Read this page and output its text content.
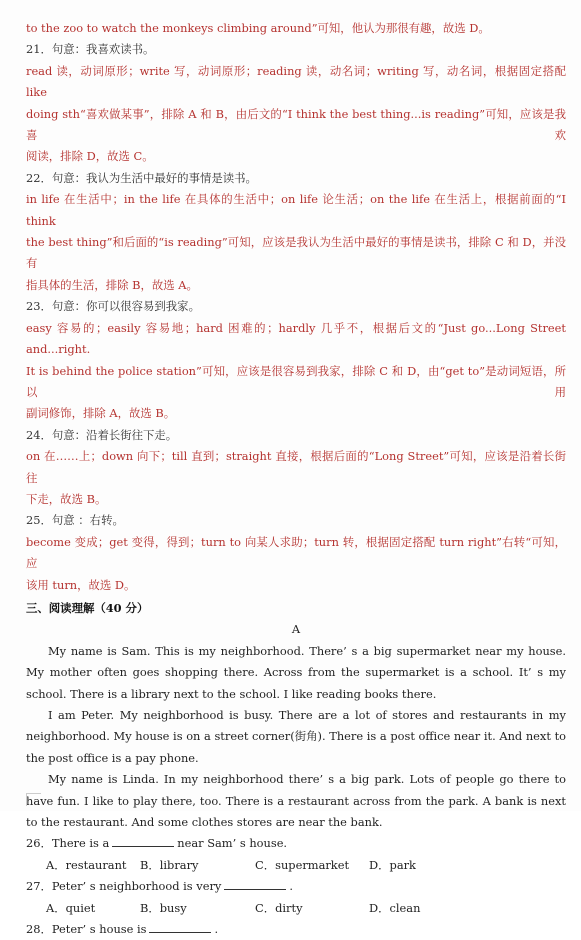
to the zoo to watch the monkeys climbing around”可知，他认为那很有趣，故选 D。
21．句意：我喜欢读书。
read 读，动词原形；write 写，动词原形；reading 读，动名词；writing 写，动名词，根据固定搭配 like
doing sth“喜欢做某事”，排除 A 和 B，由后文的“I think the best thing...is reading”可知，应该是我喜欢
阅读，排除 D，故选 C。
22．句意：我认为生活中最好的事情是读书。
in life 在生活中；in the life 在具体的生活中；on life 论生活；on the life 在生活上，根据前面的“I think
the best thing”和后面的“is reading”可知，应该是我认为生活中最好的事情是读书，排除 C 和 D，并没有
指具体的生活，排除 B，故选 A。
23．句意：你可以很容易到我家。
easy 容易的；easily 容易地；hard 困难的；hardly 几乎不，根据后文的“Just go...Long Street and...right.
It is behind the police station”可知，应该是很容易到我家，排除 C 和 D，由“get to”是动词短语，所以用
副词修饰，排除 A，故选 B。
24．句意：沿着长街往下走。
on 在……上；down 向下；till 直到；straight 直接，根据后面的“Long Street”可知，应该是沿着长街往
下走，故选 B。
25．句意 ：右转。
become 变成；get 变得，得到；turn to 向某人求助；turn 转，根据固定搭配 turn right”右转“可知，应
该用 turn，故选 D。
三、阅读理解（40 分）
A
My name is Sam. This is my neighborhood. There’ s a big supermarket near my house. My mother often goes shopping there. Across from the supermarket is a school. It’ s my school. There is a library next to the school. I like reading books there.
I am Peter. My neighborhood is busy. There are a lot of stores and restaurants in my neighborhood. My house is on a street corner(街角). There is a post office near it. And next to the post office is a pay phone.
My name is Linda. In my neighborhood there’ s a big park. Lots of people go there to have fun. I like to play there, too. There is a restaurant across from the park. A bank is next to the restaurant. And some clothes stores are near the bank.
26．There is a	near Sam’ s house.
A．restaurant	B．library	C．supermarket	D．park
27．Peter’ s neighborhood is very	.
A．quiet	B．busy	C．dirty	D．clean
28．Peter’ s house is	.
